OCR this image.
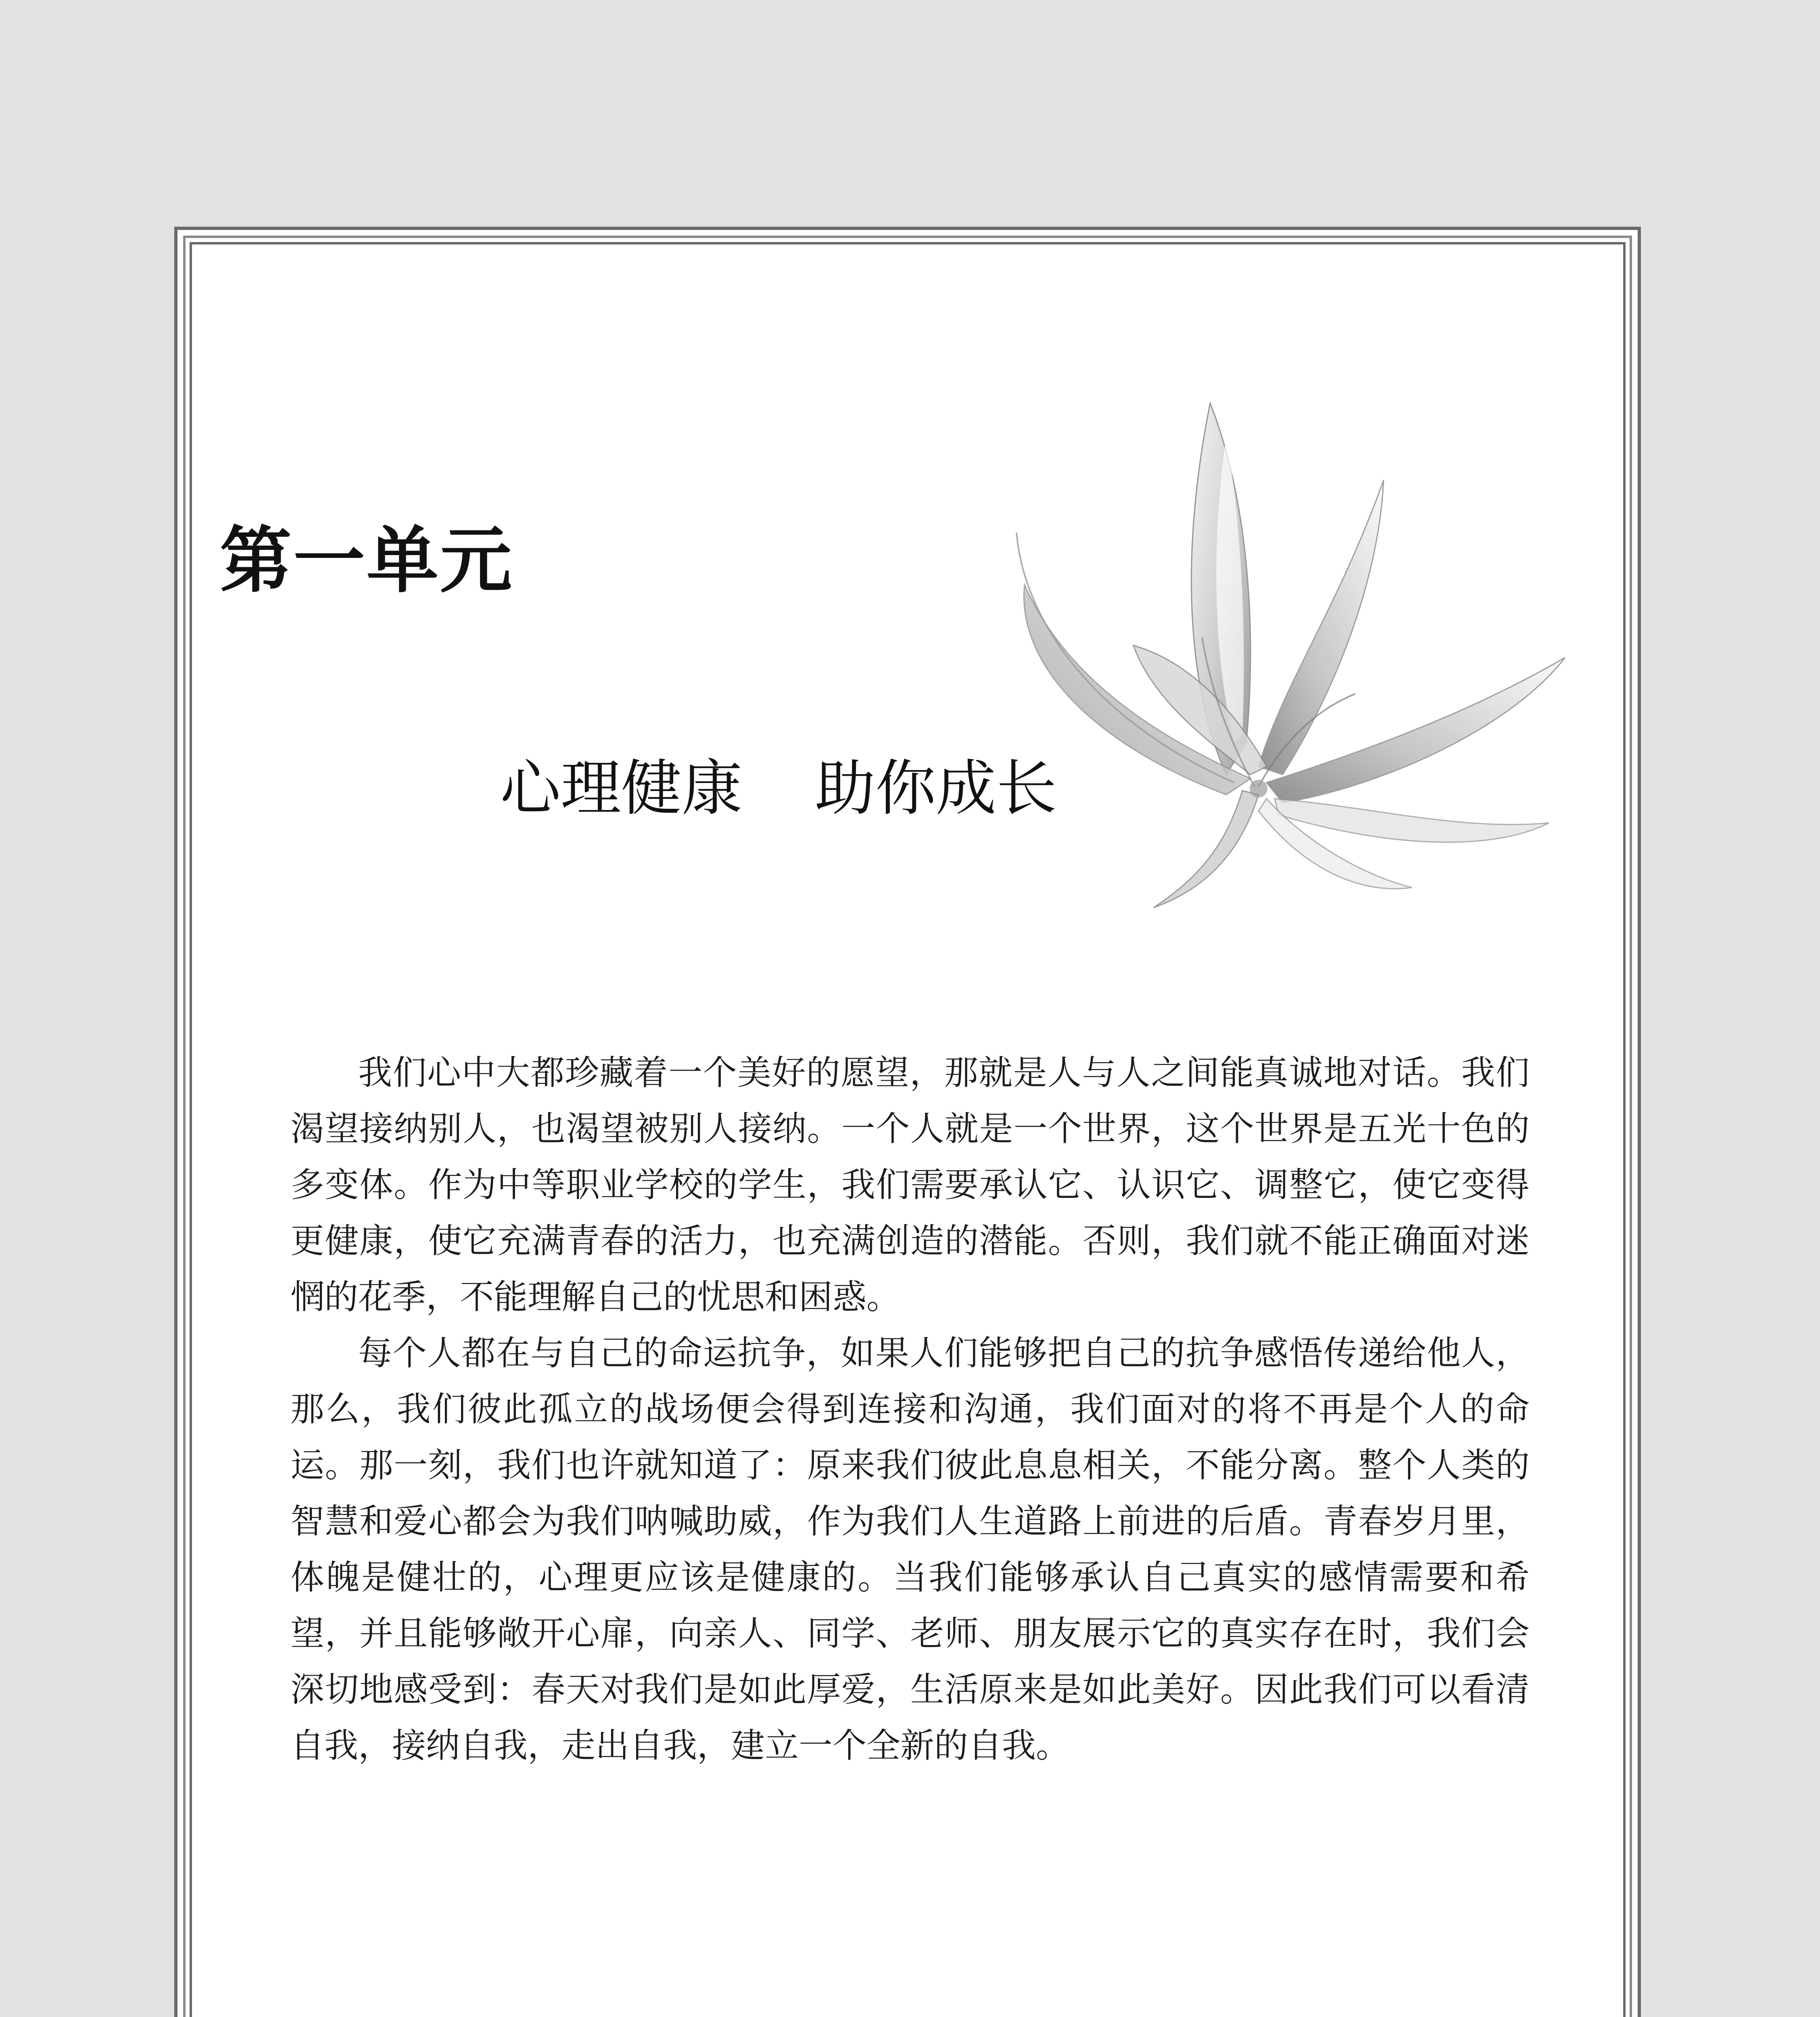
第一单元
心理健康 助你成长

我们心中大都珍藏着一个美好的愿望，那就是人与人之间能真诚地对话。我们渴望接纳别人，也渴望被别人接纳。一个人就是一个世界，这个世界是五光十色的多变体。作为中等职业学校的学生，我们需要承认它、认识它、调整它，使它变得更健康，使它充满青春的活力，也充满创造的潜能。否则，我们就不能正确面对迷惘的花季，不能理解自己的忧思和困惑。

每个人都在与自己的命运抗争，如果人们能够把自己的抗争感悟传递给他人，那么，我们彼此孤立的战场便会得到连接和沟通，我们面对的将不再是个人的命运。那一刻，我们也许就知道了：原来我们彼此息息相关，不能分离。整个人类的智慧和爱心都会为我们呐喊助威，作为我们人生道路上前进的后盾。青春岁月里，体魄是健壮的，心理更应该是健康的。当我们能够承认自己真实的感情需要和希望，并且能够敞开心扉，向亲人、同学、老师、朋友展示它的真实存在时，我们会深切地感受到：春天对我们是如此厚爱，生活原来是如此美好。因此我们可以看清自我，接纳自我，走出自我，建立一个全新的自我。
